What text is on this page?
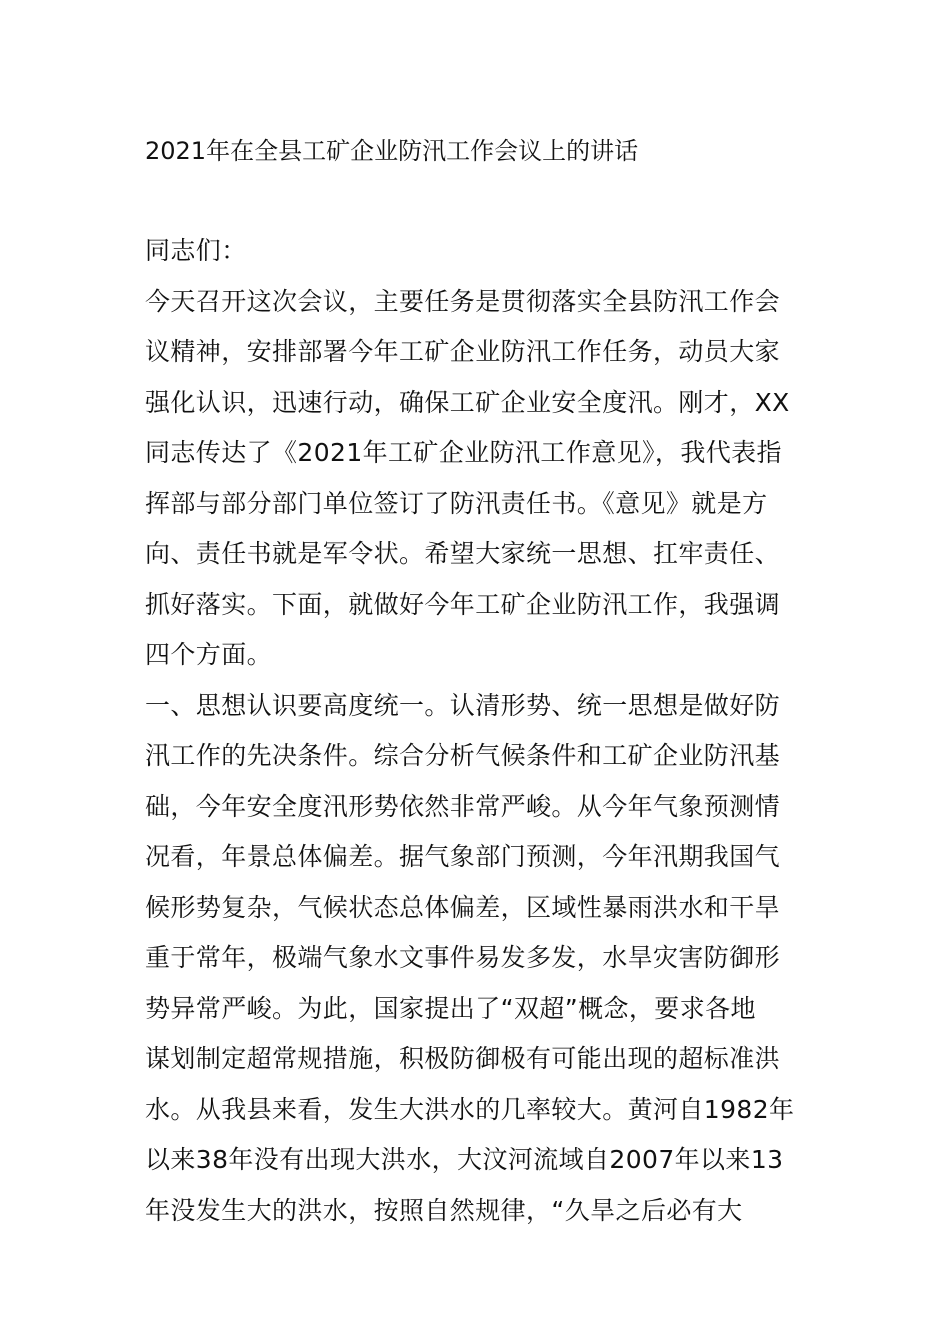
2021年在全县工矿企业防汛工作会议上的讲话
同志们：
今天召开这次会议，主要任务是贯彻落实全县防汛工作会
议精神，安排部署今年工矿企业防汛工作任务，动员大家
强化认识，迅速行动，确保工矿企业安全度汛。刚才，XX
同志传达了《2021年工矿企业防汛工作意见》，我代表指
挥部与部分部门单位签订了防汛责任书。《意见》就是方
向、责任书就是军令状。希望大家统一思想、扛牢责任、
抓好落实。下面，就做好今年工矿企业防汛工作，我强调
四个方面。
一、思想认识要高度统一。认清形势、统一思想是做好防
汛工作的先决条件。综合分析气候条件和工矿企业防汛基
础，今年安全度汛形势依然非常严峻。从今年气象预测情
况看，年景总体偏差。据气象部门预测，今年汛期我国气
候形势复杂，气候状态总体偏差，区域性暴雨洪水和干旱
重于常年，极端气象水文事件易发多发，水旱灾害防御形
势异常严峻。为此，国家提出了“双超”概念，要求各地
谋划制定超常规措施，积极防御极有可能出现的超标准洪
水。从我县来看，发生大洪水的几率较大。黄河自1982年
以来38年没有出现大洪水，大汶河流域自2007年以来13
年没发生大的洪水，按照自然规律，“久旱之后必有大
